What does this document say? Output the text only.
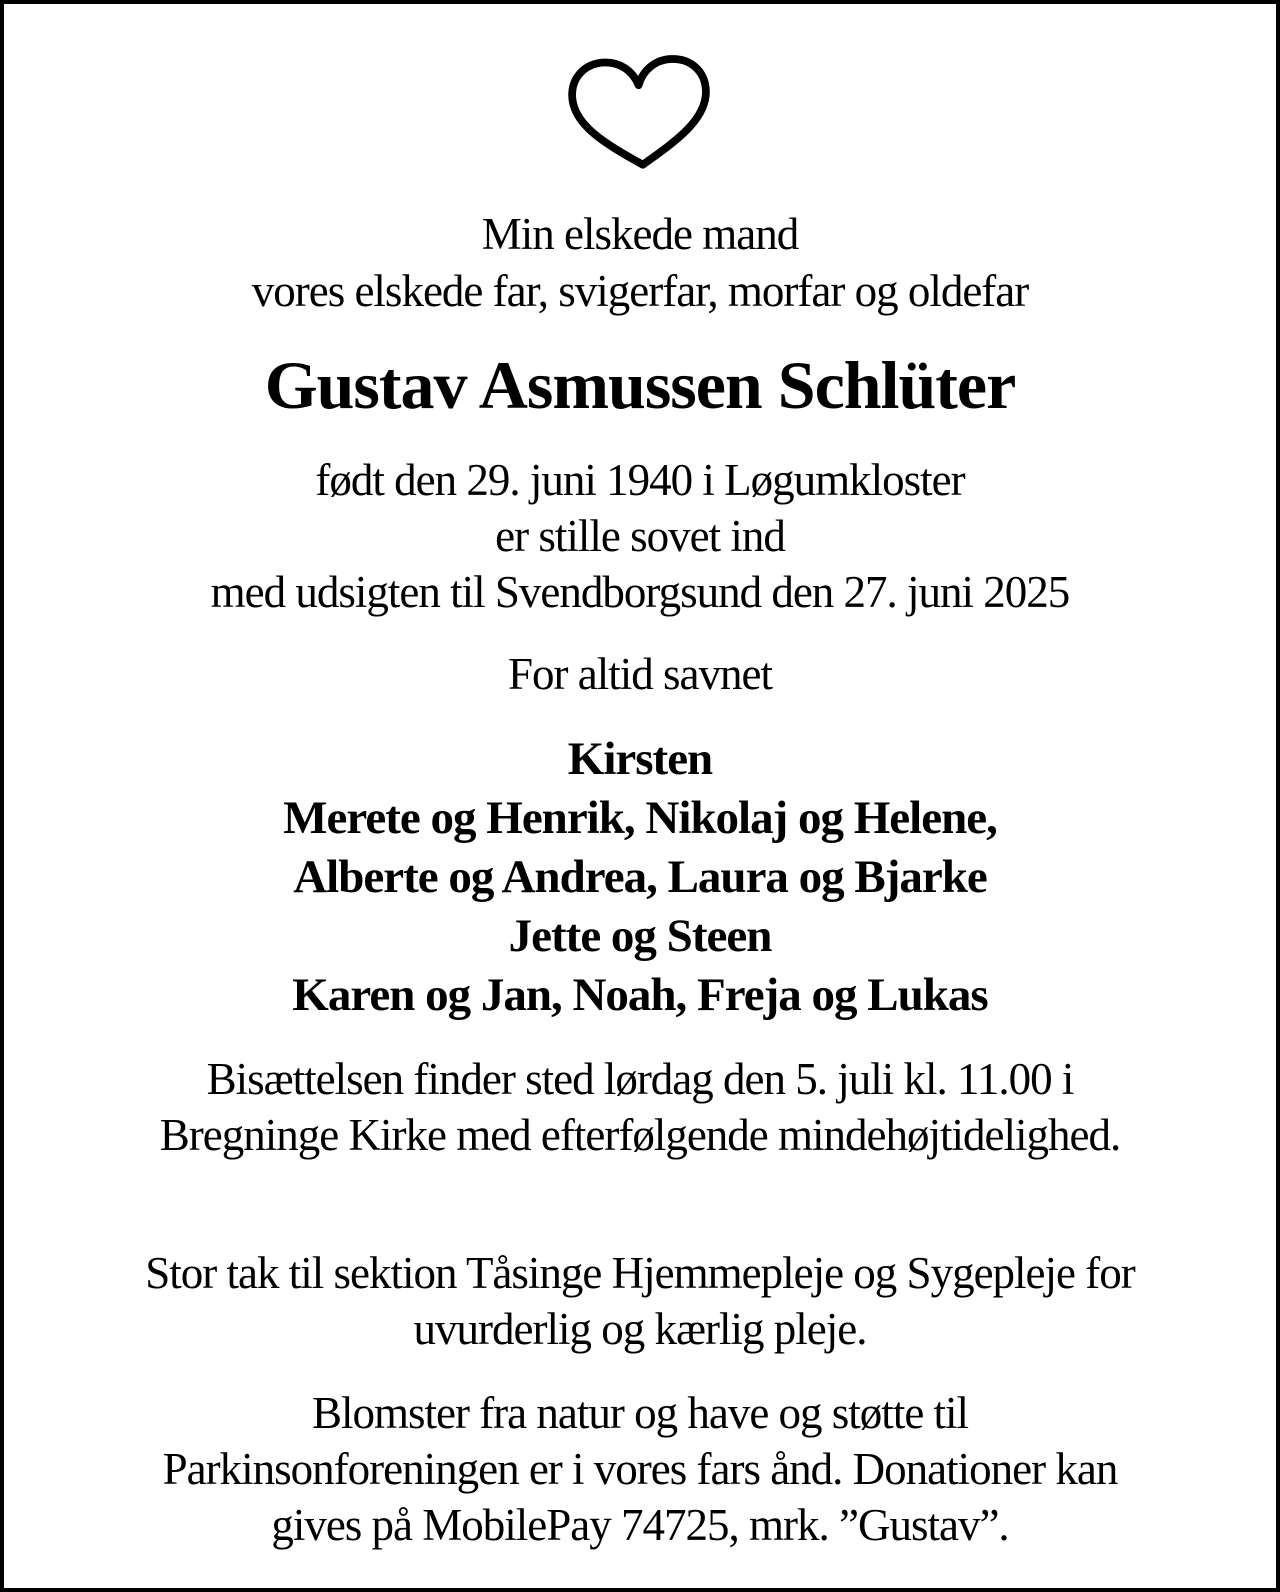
Min elskede mand
vores elskede far, svigerfar, morfar og oldefar
Gustav Asmussen Schlüter
født den 29. juni 1940 i Løgumkloster
er stille sovet ind
med udsigten til Svendborgsund den 27. juni 2025
For altid savnet
Kirsten
Merete og Henrik, Nikolaj og Helene,
Alberte og Andrea, Laura og Bjarke
Jette og Steen
Karen og Jan, Noah, Freja og Lukas
Bisættelsen finder sted lørdag den 5. juli kl. 11.00 i
Bregninge Kirke med efterfølgende mindehøjtidelighed.
Stor tak til sektion Tåsinge Hjemmepleje og Sygepleje for
uvurderlig og kærlig pleje.
Blomster fra natur og have og støtte til
Parkinsonforeningen er i vores fars ånd. Donationer kan
gives på MobilePay 74725, mrk. ”Gustav”.
